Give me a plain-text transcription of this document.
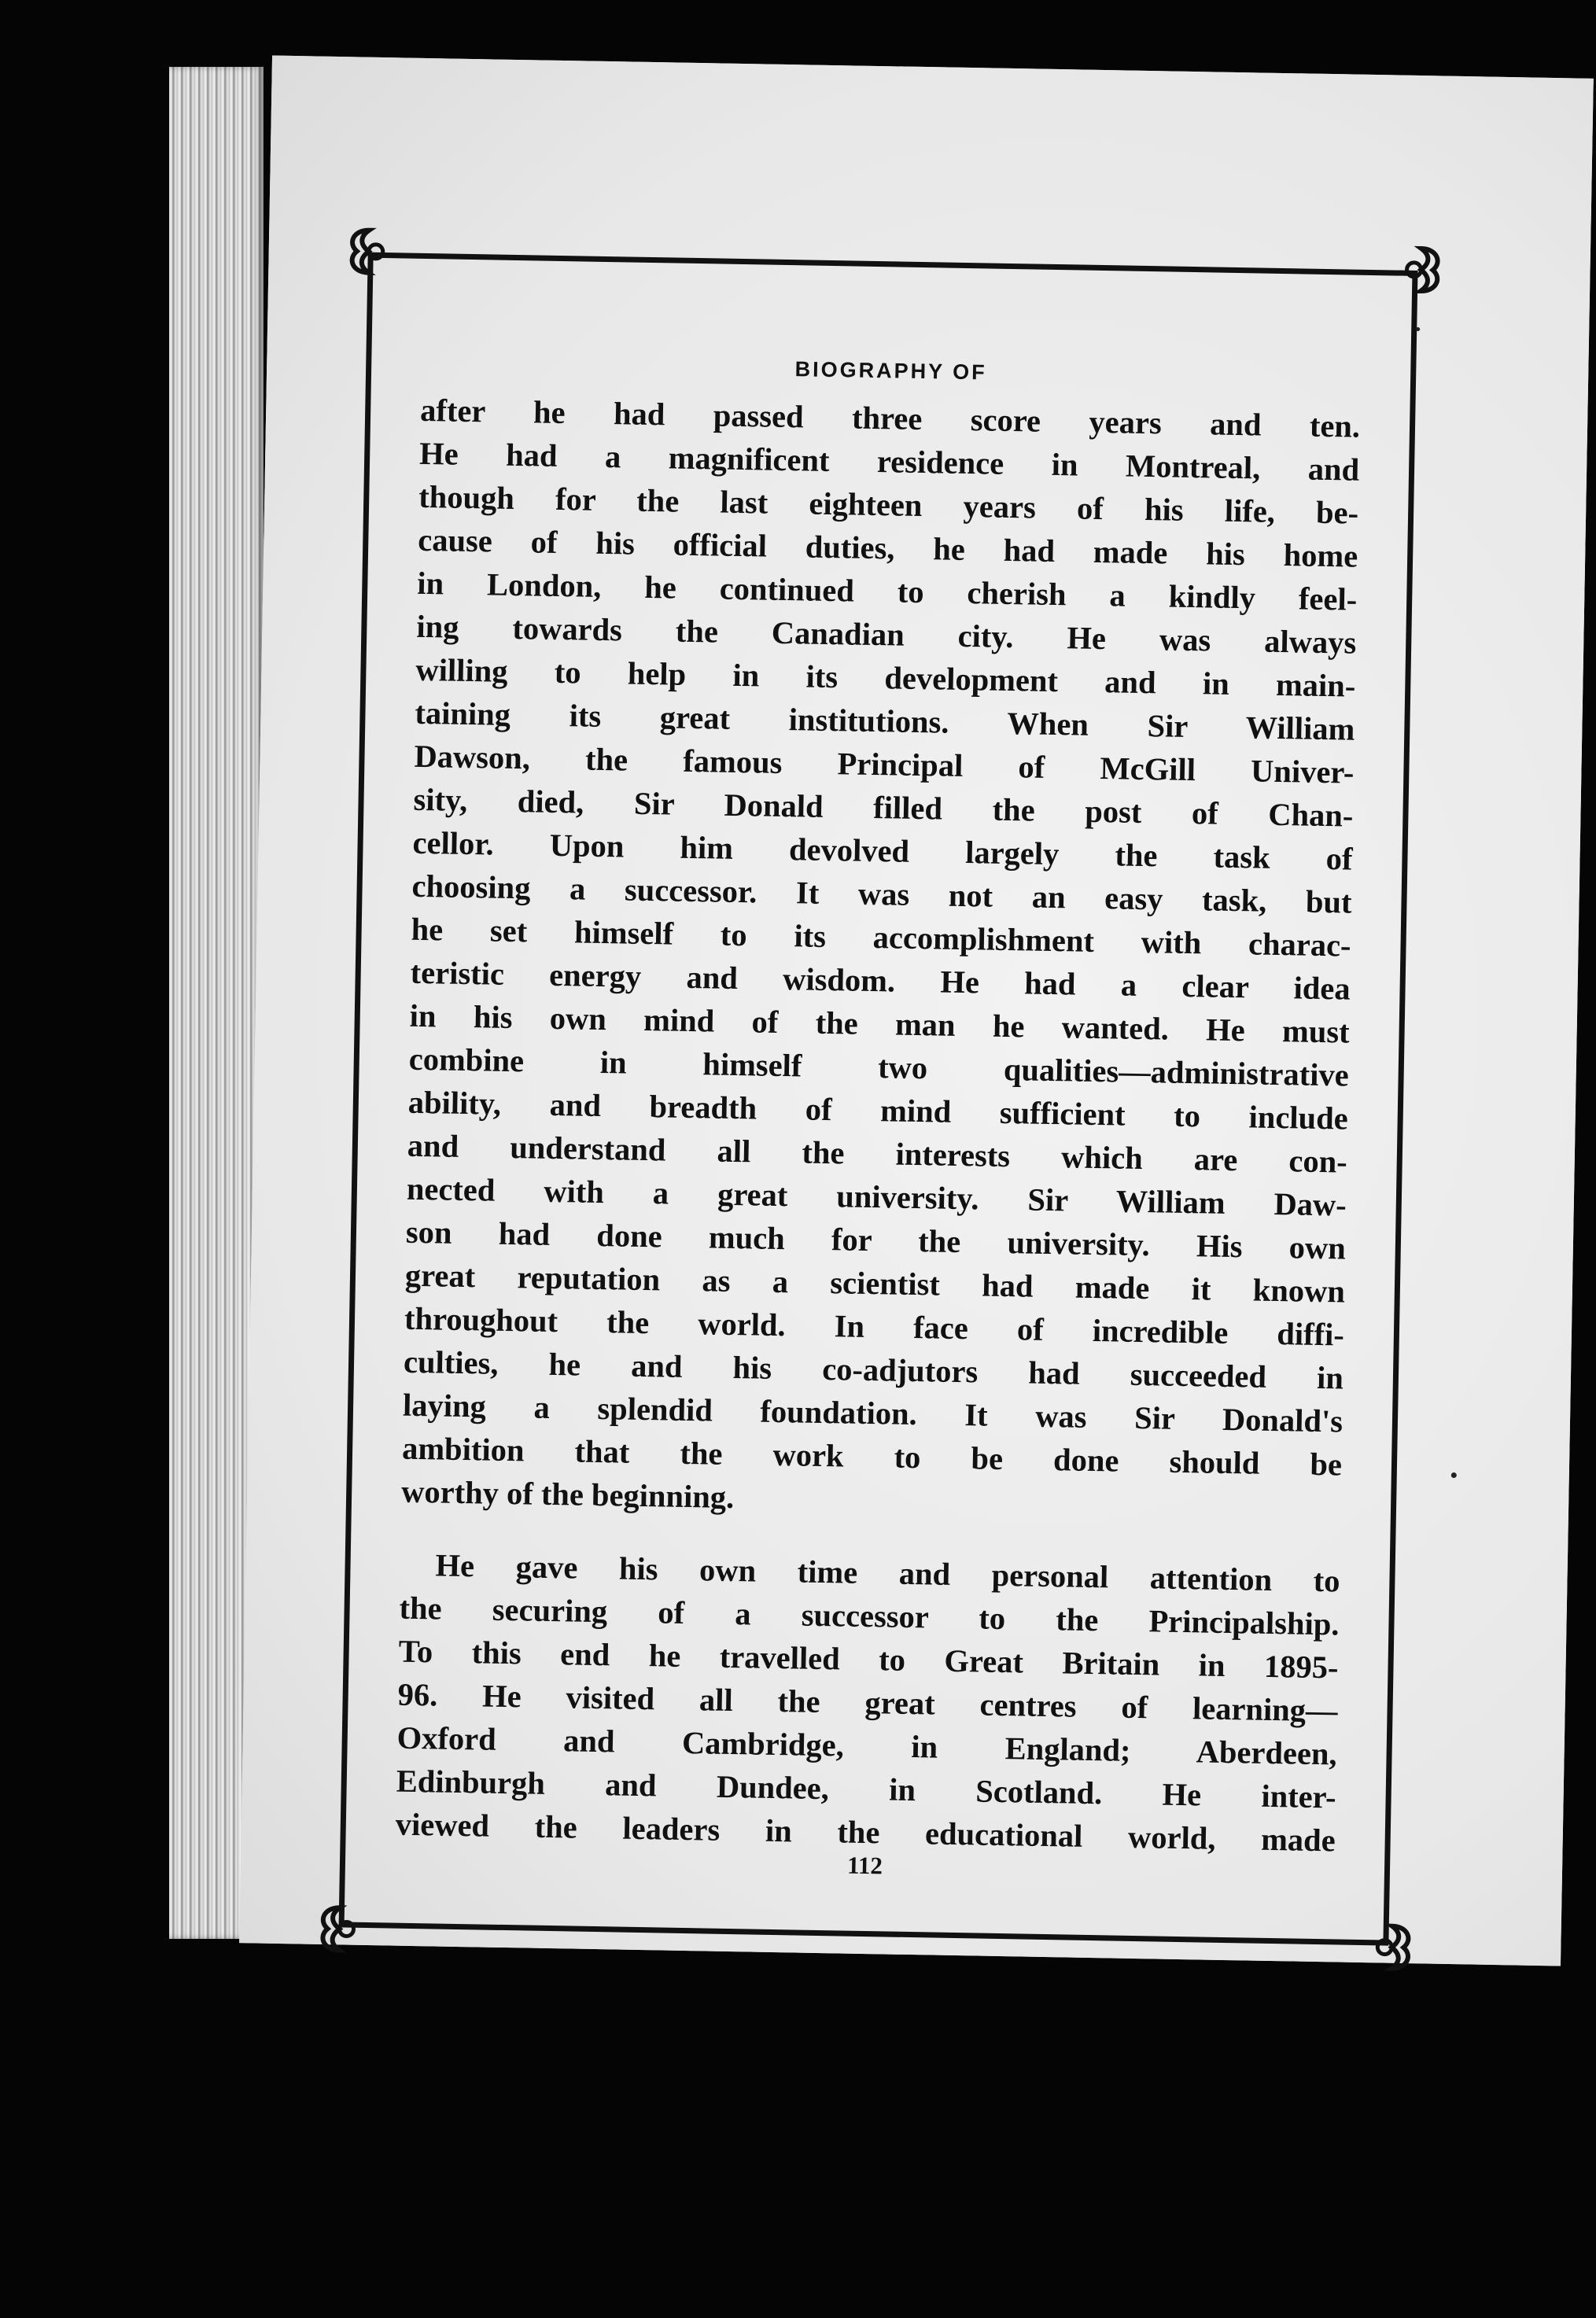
BIOGRAPHY OF
after he had passed three score years and ten.
He had a magnificent residence in Montreal, and
though for the last eighteen years of his life, be-
cause of his official duties, he had made his home
in London, he continued to cherish a kindly feel-
ing towards the Canadian city. He was always
willing to help in its development and in main-
taining its great institutions. When Sir William
Dawson, the famous Principal of McGill Univer-
sity, died, Sir Donald filled the post of Chan-
cellor. Upon him devolved largely the task of
choosing a successor. It was not an easy task, but
he set himself to its accomplishment with charac-
teristic energy and wisdom. He had a clear idea
in his own mind of the man he wanted. He must
combine in himself two qualities—administrative
ability, and breadth of mind sufficient to include
and understand all the interests which are con-
nected with a great university. Sir William Daw-
son had done much for the university. His own
great reputation as a scientist had made it known
throughout the world. In face of incredible diffi-
culties, he and his co-adjutors had succeeded in
laying a splendid foundation. It was Sir Donald's
ambition that the work to be done should be
worthy of the beginning.
He gave his own time and personal attention to
the securing of a successor to the Principalship.
To this end he travelled to Great Britain in 1895-
96. He visited all the great centres of learning—
Oxford and Cambridge, in England; Aberdeen,
Edinburgh and Dundee, in Scotland. He inter-
viewed the leaders in the educational world, made
112
